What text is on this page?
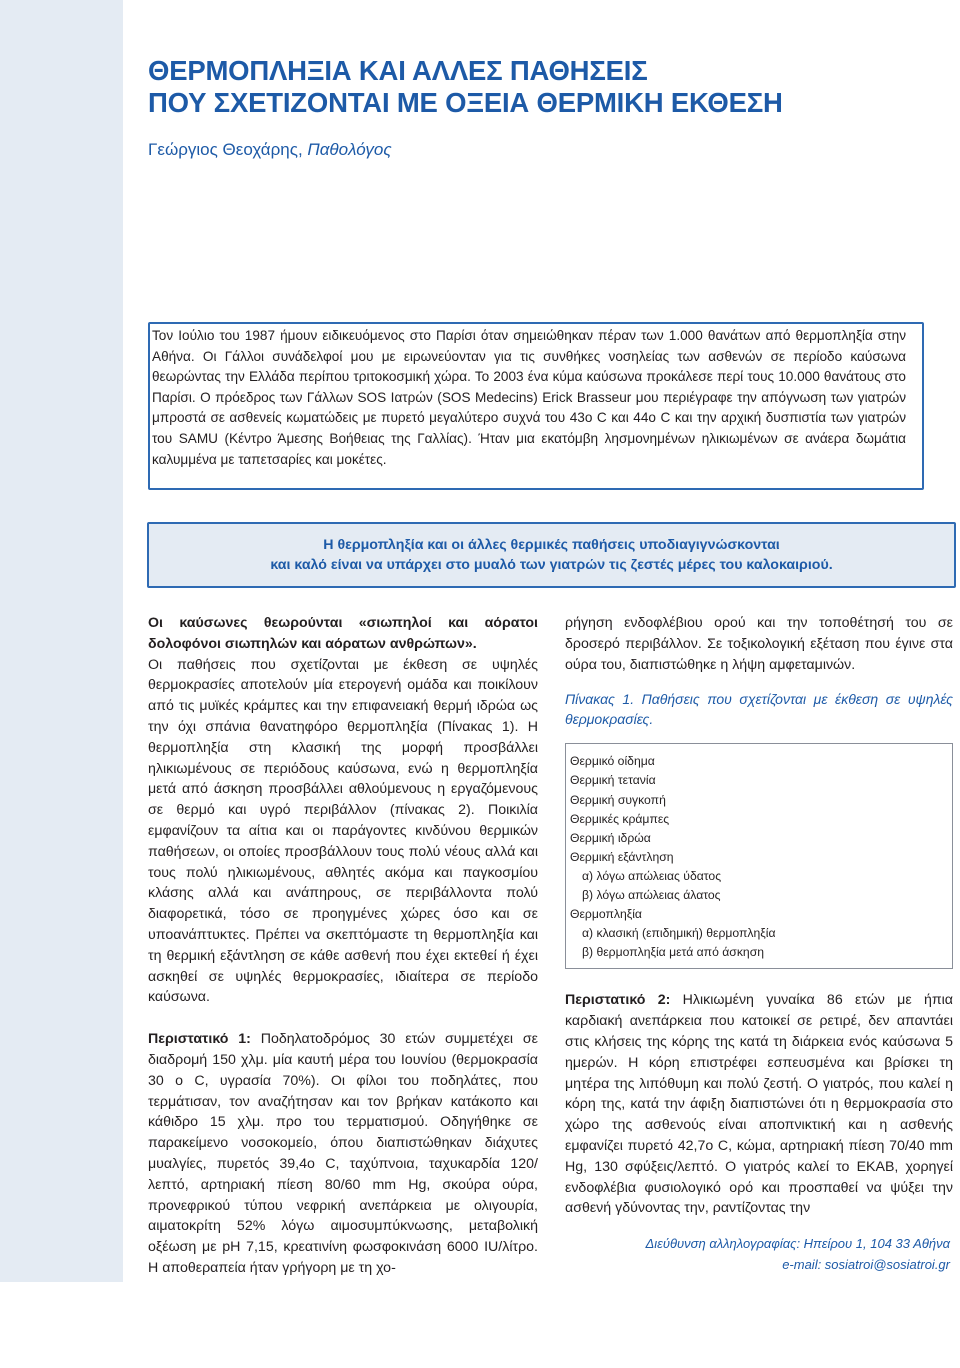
ΘΕΡΜΟΠΛΗΞΙΑ ΚΑΙ ΑΛΛΕΣ ΠΑΘΗΣΕΙΣ
ΠΟΥ ΣΧΕΤΙΖΟΝΤΑΙ ΜΕ ΟΞΕΙΑ ΘΕΡΜΙΚΗ ΕΚΘΕΣΗ
Γεώργιος Θεοχάρης, Παθολόγος

Τον Ιούλιο του 1987 ήμουν ειδικευόμενος στο Παρίσι όταν σημειώθηκαν πέραν των 1.000 θανάτων από θερμοπληξία στην Αθήνα. Οι Γάλλοι συνάδελφοί μου με ειρωνεύονταν για τις συνθήκες νοσηλείας των ασθενών σε περίοδο καύσωνα θεωρώντας την Ελλάδα περίπου τριτοκοσμική χώρα. Το 2003 ένα κύμα καύσωνα προκάλεσε περί τους 10.000 θανάτους στο Παρίσι. Ο πρόεδρος των Γάλλων SOS Ιατρών (SOS Medecins) Erick Brasseur μου περιέγραφε την απόγνωση των γιατρών μπροστά σε ασθενείς κωματώδεις με πυρετό μεγαλύτερο συχνά του 43ο C και 44ο C και την αρχική δυσπιστία των γιατρών του SAMU (Κέντρο Άμεσης Βοήθειας της Γαλλίας). Ήταν μια εκατόμβη λησμονημένων ηλικιωμένων σε ανάερα δωμάτια καλυμμένα με ταπετσαρίες και μοκέτες.

Η θερμοπληξία και οι άλλες θερμικές παθήσεις υποδιαγιγνώσκονται
και καλό είναι να υπάρχει στο μυαλό των γιατρών τις ζεστές μέρες του καλοκαιριού.

Οι καύσωνες θεωρούνται «σιωπηλοί και αόρατοι δολοφόνοι σιωπηλών και αόρατων ανθρώπων».

Οι παθήσεις που σχετίζονται με έκθεση σε υψηλές θερμοκρασίες αποτελούν μία ετερογενή ομάδα και ποικίλουν από τις μυϊκές κράμπες και την επιφανειακή θερμή ιδρώα ως την όχι σπάνια θανατηφόρο θερμοπληξία (Πίνακας 1). Η θερμοπληξία στη κλασική της μορφή προσβάλλει ηλικιωμένους σε περιόδους καύσωνα, ενώ η θερμοπληξία μετά από άσκηση προσβάλλει αθλούμενους η εργαζόμενους σε θερμό και υγρό περιβάλλον (πίνακας 2). Ποικιλία εμφανίζουν τα αίτια και οι παράγοντες κινδύνου θερμικών παθήσεων, οι οποίες προσβάλλουν τους πολύ νέους αλλά και τους πολύ ηλικιωμένους, αθλητές ακόμα και παγκοσμίου κλάσης αλλά και ανάπηρους, σε περιβάλλοντα πολύ διαφορετικά, τόσο σε προηγμένες χώρες όσο και σε υποανάπτυκτες. Πρέπει να σκεπτόμαστε τη θερμοπληξία και τη θερμική εξάντληση σε κάθε ασθενή που έχει εκτεθεί ή έχει ασκηθεί σε υψηλές θερμοκρασίες, ιδιαίτερα σε περίοδο καύσωνα.

Περιστατικό 1: Ποδηλατοδρόμος 30 ετών συμμετέχει σε διαδρομή 150 χλμ. μία καυτή μέρα του Ιουνίου (θερμοκρασία 30 ο C, υγρασία 70%). Οι φίλοι του ποδηλάτες, που τερμάτισαν, τον αναζήτησαν και τον βρήκαν κατάκοπο και κάθιδρο 15 χλμ. προ του τερματισμού. Οδηγήθηκε σε παρακείμενο νοσοκομείο, όπου διαπιστώθηκαν διάχυτες μυαλγίες, πυρετός 39,4ο C, ταχύπνοια, ταχυκαρδία 120/λεπτό, αρτηριακή πίεση 80/60 mm Hg, σκούρα ούρα, προνεφρικού τύπου νεφρική ανεπάρκεια με ολιγουρία, αιματοκρίτη 52% λόγω αιμοσυμπύκνωσης, μεταβολική οξέωση με pH 7,15, κρεατινίνη φωσφοκινάση 6000 IU/λίτρο. Η αποθεραπεία ήταν γρήγορη με τη χο-

ρήγηση ενδοφλέβιου ορού και την τοποθέτησή του σε δροσερό περιβάλλον. Σε τοξικολογική εξέταση που έγινε στα ούρα του, διαπιστώθηκε η λήψη αμφεταμινών.

Πίνακας 1. Παθήσεις που σχετίζονται με έκθεση σε υψηλές θερμοκρασίες.

Θερμικό οίδημα
Θερμική τετανία
Θερμική συγκοπή
Θερμικές κράμπες
Θερμική ιδρώα
Θερμική εξάντληση
α) λόγω απώλειας ύδατος
β) λόγω απώλειας άλατος
Θερμοπληξία
α) κλασική (επιδημική) θερμοπληξία
β) θερμοπληξία μετά από άσκηση

Περιστατικό 2: Ηλικιωμένη γυναίκα 86 ετών με ήπια καρδιακή ανεπάρκεια που κατοικεί σε ρετιρέ, δεν απαντάει στις κλήσεις της κόρης της κατά τη διάρκεια ενός καύσωνα 5 ημερών. Η κόρη επιστρέφει εσπευσμένα και βρίσκει τη μητέρα της λιπόθυμη και πολύ ζεστή. Ο γιατρός, που καλεί η κόρη της, κατά την άφιξη διαπιστώνει ότι η θερμοκρασία στο χώρο της ασθενούς είναι αποπνικτική και η ασθενής εμφανίζει πυρετό 42,7ο C, κώμα, αρτηριακή πίεση 70/40 mm Hg, 130 σφύξεις/λεπτό. Ο γιατρός καλεί το ΕΚΑΒ, χορηγεί ενδοφλέβια φυσιολογικό ορό και προσπαθεί να ψύξει την ασθενή γδύνοντας την, ραντίζοντας την

Διεύθυνση αλληλογραφίας: Ηπείρου 1, 104 33 Αθήνα
e-mail: sosiatroi@sosiatroi.gr
